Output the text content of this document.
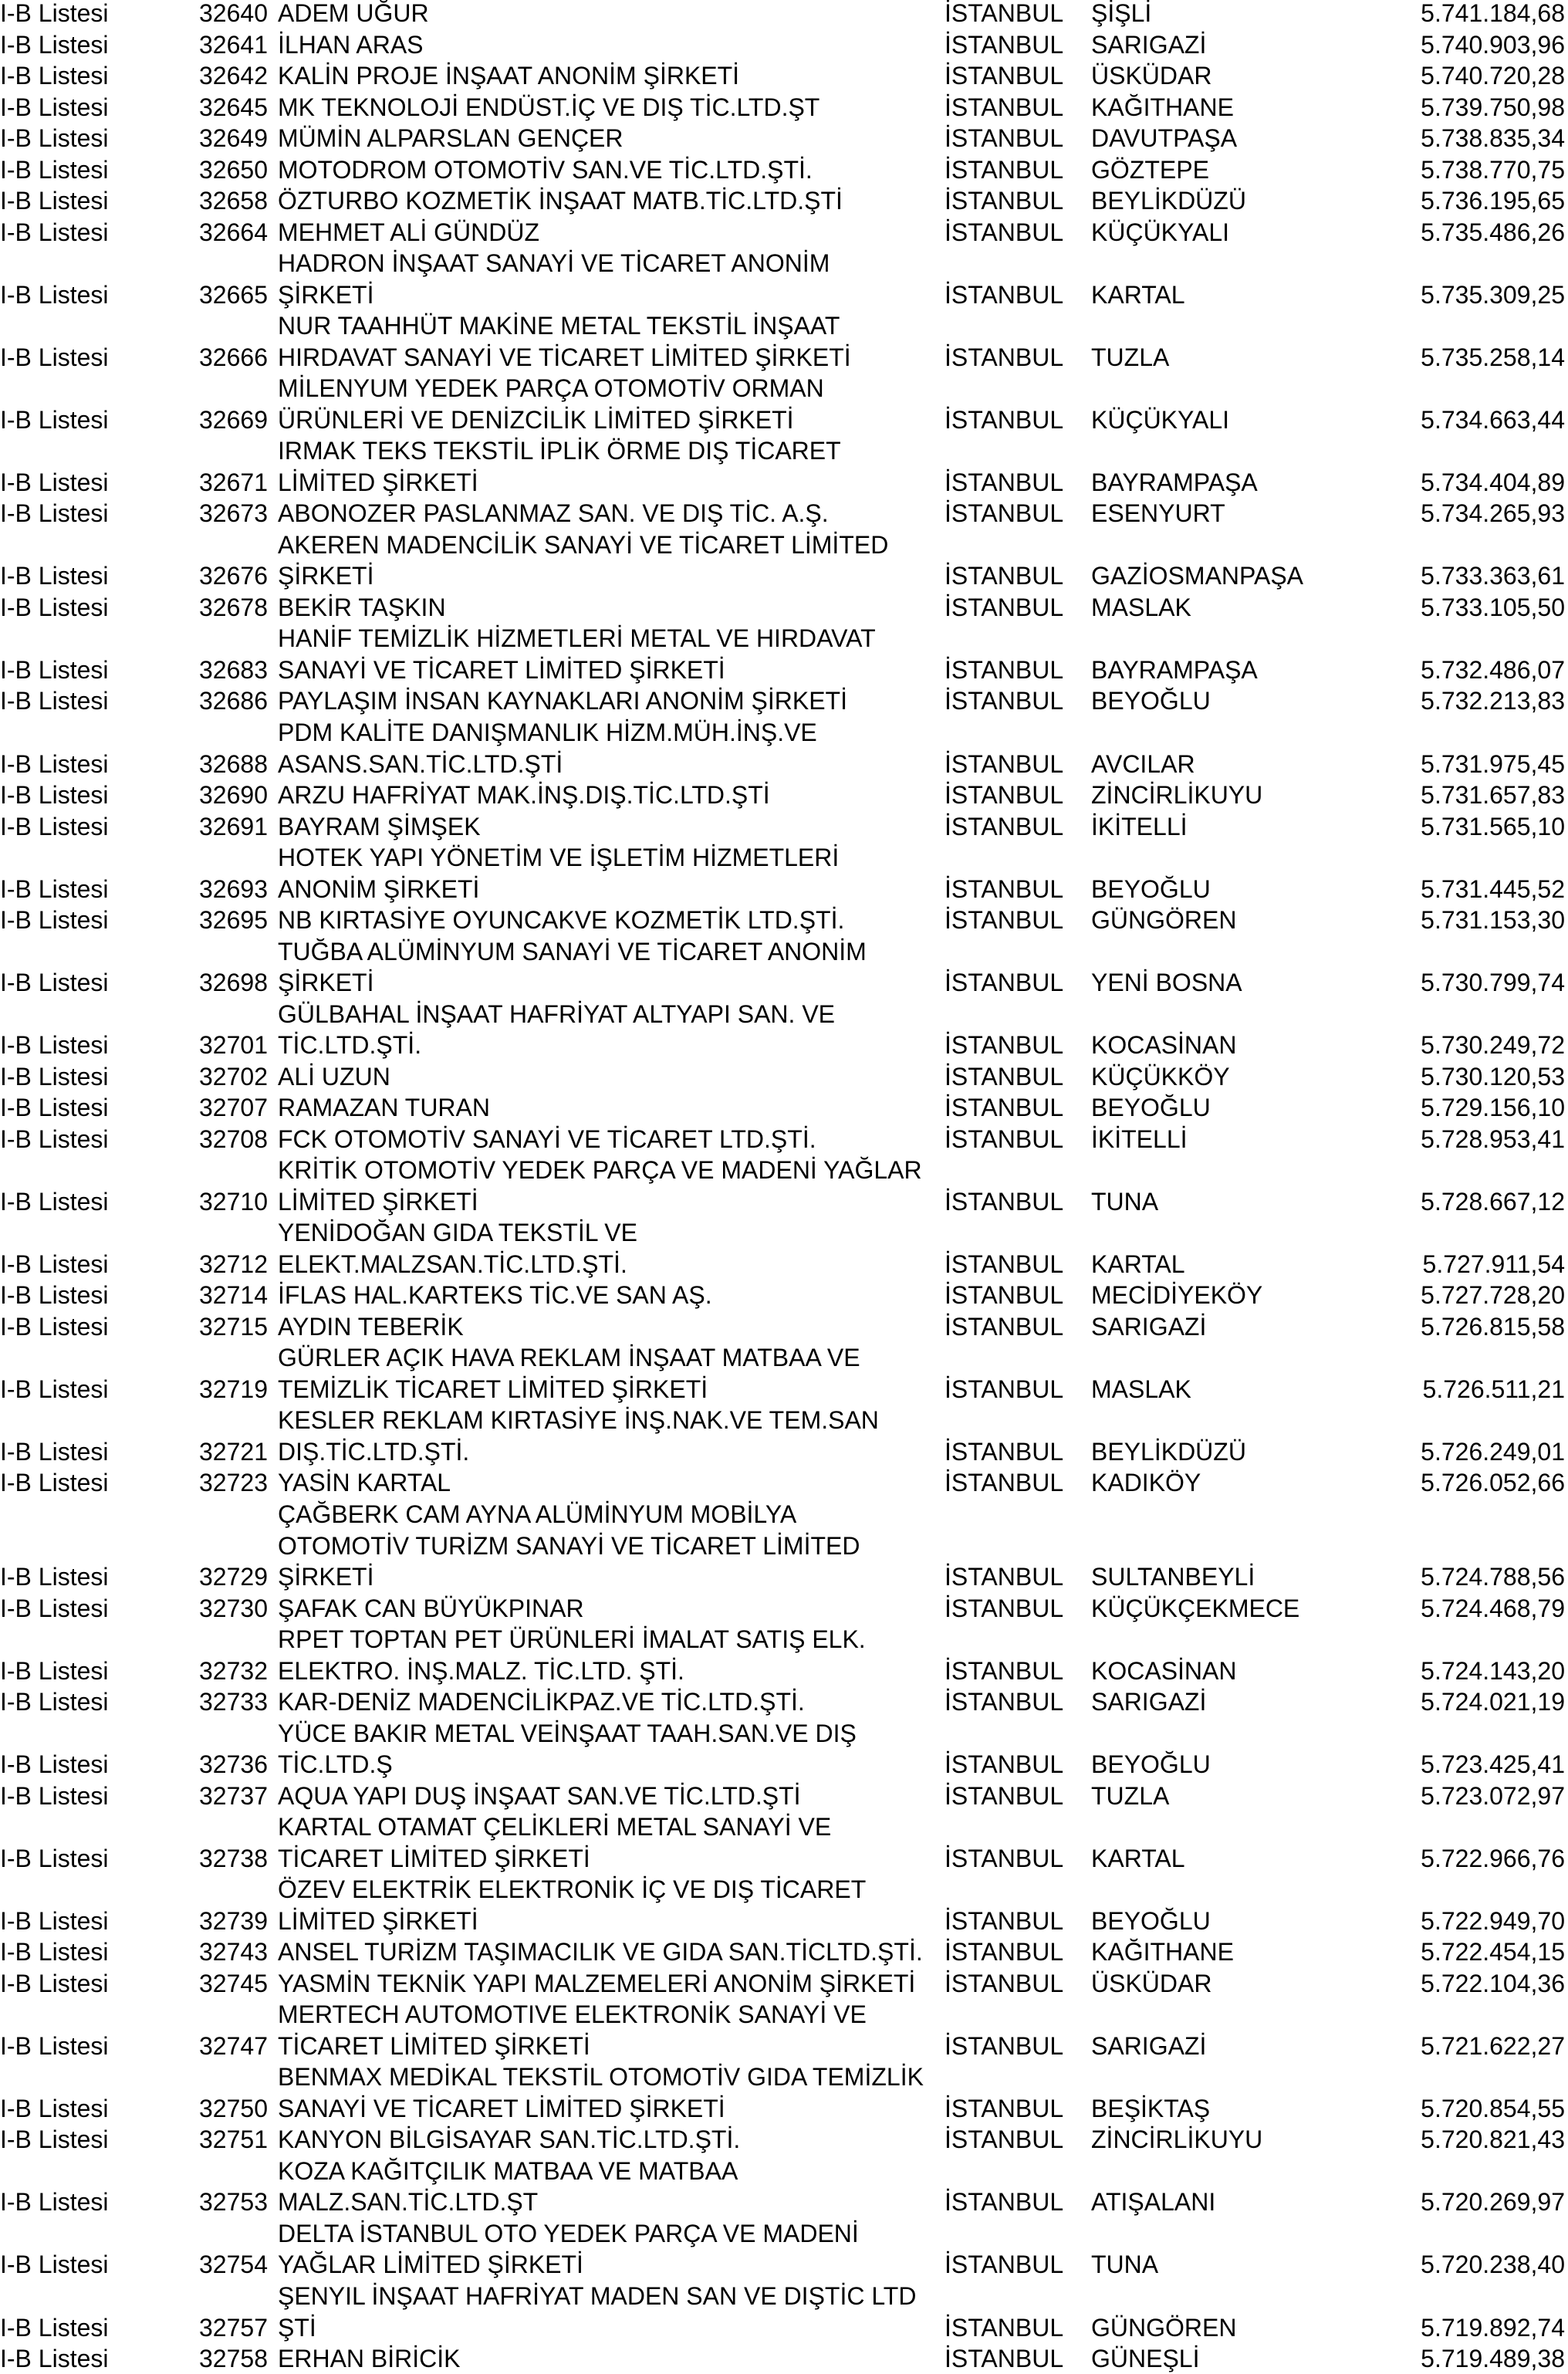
I-B Listesi	32640 ADEM UĞUR	İSTANBUL ŞİŞLİ	5.741.184,68
I-B Listesi	32641 İLHAN ARAS	İSTANBUL SARIGAZİ	5.740.903,96
I-B Listesi	32642 KALİN PROJE İNŞAAT ANONİM ŞİRKETİ	İSTANBUL ÜSKÜDAR	5.740.720,28
I-B Listesi	32645 MK TEKNOLOJİ ENDÜST.İÇ VE DIŞ TİC.LTD.ŞT	İSTANBUL KAĞITHANE	5.739.750,98
I-B Listesi	32649 MÜMİN ALPARSLAN GENÇER	İSTANBUL DAVUTPAŞA	5.738.835,34
I-B Listesi	32650 MOTODROM OTOMOTİV SAN.VE TİC.LTD.ŞTİ.	İSTANBUL GÖZTEPE	5.738.770,75
I-B Listesi	32658 ÖZTURBO KOZMETİK İNŞAAT MATB.TİC.LTD.ŞTİ	İSTANBUL BEYLİKDÜZÜ	5.736.195,65
I-B Listesi	32664 MEHMET ALİ GÜNDÜZ	İSTANBUL KÜÇÜKYALI	5.735.486,26
HADRON İNŞAAT SANAYİ VE TİCARET ANONİM
I-B Listesi	32665 ŞİRKETİ	İSTANBUL KARTAL	5.735.309,25
NUR TAAHHÜT MAKİNE METAL TEKSTİL İNŞAAT
I-B Listesi	32666 HIRDAVAT SANAYİ VE TİCARET LİMİTED ŞİRKETİ	İSTANBUL TUZLA	5.735.258,14
MİLENYUM YEDEK PARÇA OTOMOTİV ORMAN
I-B Listesi	32669 ÜRÜNLERİ VE DENİZCİLİK LİMİTED ŞİRKETİ	İSTANBUL KÜÇÜKYALI	5.734.663,44
IRMAK TEKS TEKSTİL İPLİK ÖRME DIŞ TİCARET
I-B Listesi	32671 LİMİTED ŞİRKETİ	İSTANBUL BAYRAMPAŞA	5.734.404,89
I-B Listesi	32673 ABONOZER PASLANMAZ SAN. VE DIŞ TİC. A.Ş.	İSTANBUL ESENYURT	5.734.265,93
AKEREN MADENCİLİK SANAYİ VE TİCARET LİMİTED
I-B Listesi	32676 ŞİRKETİ	İSTANBUL GAZİOSMANPAŞA	5.733.363,61
I-B Listesi	32678 BEKİR TAŞKIN	İSTANBUL MASLAK	5.733.105,50
HANİF TEMİZLİK HİZMETLERİ METAL VE HIRDAVAT
I-B Listesi	32683 SANAYİ VE TİCARET LİMİTED ŞİRKETİ	İSTANBUL BAYRAMPAŞA	5.732.486,07
I-B Listesi	32686 PAYLAŞIM İNSAN KAYNAKLARI ANONİM ŞİRKETİ	İSTANBUL BEYOĞLU	5.732.213,83
PDM KALİTE DANIŞMANLIK HİZM.MÜH.İNŞ.VE
I-B Listesi	32688 ASANS.SAN.TİC.LTD.ŞTİ	İSTANBUL AVCILAR	5.731.975,45
I-B Listesi	32690 ARZU HAFRİYAT MAK.İNŞ.DIŞ.TİC.LTD.ŞTİ	İSTANBUL ZİNCİRLİKUYU	5.731.657,83
I-B Listesi	32691 BAYRAM ŞİMŞEK	İSTANBUL İKİTELLİ	5.731.565,10
HOTEK YAPI YÖNETİM VE İŞLETİM HİZMETLERİ
I-B Listesi	32693 ANONİM ŞİRKETİ	İSTANBUL BEYOĞLU	5.731.445,52
I-B Listesi	32695 NB KIRTASİYE OYUNCAKVE KOZMETİK LTD.ŞTİ.	İSTANBUL GÜNGÖREN	5.731.153,30
TUĞBA ALÜMİNYUM SANAYİ VE TİCARET ANONİM
I-B Listesi	32698 ŞİRKETİ	İSTANBUL YENİ BOSNA	5.730.799,74
GÜLBAHAL İNŞAAT HAFRİYAT ALTYAPI SAN. VE
I-B Listesi	32701 TİC.LTD.ŞTİ.	İSTANBUL KOCASİNAN	5.730.249,72
I-B Listesi	32702 ALİ UZUN	İSTANBUL KÜÇÜKKÖY	5.730.120,53
I-B Listesi	32707 RAMAZAN TURAN	İSTANBUL BEYOĞLU	5.729.156,10
I-B Listesi	32708 FCK OTOMOTİV SANAYİ VE TİCARET LTD.ŞTİ.	İSTANBUL İKİTELLİ	5.728.953,41
KRİTİK OTOMOTİV YEDEK PARÇA VE MADENİ YAĞLAR
I-B Listesi	32710 LİMİTED ŞİRKETİ	İSTANBUL TUNA	5.728.667,12
YENİDOĞAN GIDA TEKSTİL VE
I-B Listesi	32712 ELEKT.MALZSAN.TİC.LTD.ŞTİ.	İSTANBUL KARTAL	5.727.911,54
I-B Listesi	32714 İFLAS HAL.KARTEKS TİC.VE SAN AŞ.	İSTANBUL MECİDİYEKÖY	5.727.728,20
I-B Listesi	32715 AYDIN TEBERİK	İSTANBUL SARIGAZİ	5.726.815,58
GÜRLER AÇIK HAVA REKLAM İNŞAAT MATBAA VE
I-B Listesi	32719 TEMİZLİK TİCARET LİMİTED ŞİRKETİ	İSTANBUL MASLAK	5.726.511,21
KESLER REKLAM KIRTASİYE İNŞ.NAK.VE TEM.SAN
I-B Listesi	32721 DIŞ.TİC.LTD.ŞTİ.	İSTANBUL BEYLİKDÜZÜ	5.726.249,01
I-B Listesi	32723 YASİN KARTAL	İSTANBUL KADIKÖY	5.726.052,66
ÇAĞBERK CAM AYNA ALÜMİNYUM MOBİLYA
OTOMOTİV TURİZM SANAYİ VE TİCARET LİMİTED
I-B Listesi	32729 ŞİRKETİ	İSTANBUL SULTANBEYLİ	5.724.788,56
I-B Listesi	32730 ŞAFAK CAN BÜYÜKPINAR	İSTANBUL KÜÇÜKÇEKMECE	5.724.468,79
RPET TOPTAN PET ÜRÜNLERİ İMALAT SATIŞ ELK.
I-B Listesi	32732 ELEKTRO. İNŞ.MALZ. TİC.LTD. ŞTİ.	İSTANBUL KOCASİNAN	5.724.143,20
I-B Listesi	32733 KAR-DENİZ MADENCİLİKPAZ.VE TİC.LTD.ŞTİ.	İSTANBUL SARIGAZİ	5.724.021,19
YÜCE BAKIR METAL VEİNŞAAT TAAH.SAN.VE DIŞ
I-B Listesi	32736 TİC.LTD.Ş	İSTANBUL BEYOĞLU	5.723.425,41
I-B Listesi	32737 AQUA YAPI DUŞ İNŞAAT SAN.VE TİC.LTD.ŞTİ	İSTANBUL TUZLA	5.723.072,97
KARTAL OTAMAT ÇELİKLERİ METAL SANAYİ VE
I-B Listesi	32738 TİCARET LİMİTED ŞİRKETİ	İSTANBUL KARTAL	5.722.966,76
ÖZEV ELEKTRİK ELEKTRONİK İÇ VE DIŞ TİCARET
I-B Listesi	32739 LİMİTED ŞİRKETİ	İSTANBUL BEYOĞLU	5.722.949,70
I-B Listesi	32743 ANSEL TURİZM TAŞIMACILIK VE GIDA SAN.TİCLTD.ŞTİ. İSTANBUL KAĞITHANE	5.722.454,15
I-B Listesi	32745 YASMİN TEKNİK YAPI MALZEMELERİ ANONİM ŞİRKETİ İSTANBUL ÜSKÜDAR	5.722.104,36
MERTECH AUTOMOTIVE ELEKTRONİK SANAYİ VE
I-B Listesi	32747 TİCARET LİMİTED ŞİRKETİ	İSTANBUL SARIGAZİ	5.721.622,27
BENMAX MEDİKAL TEKSTİL OTOMOTİV GIDA TEMİZLİK
I-B Listesi	32750 SANAYİ VE TİCARET LİMİTED ŞİRKETİ	İSTANBUL BEŞİKTAŞ	5.720.854,55
I-B Listesi	32751 KANYON BİLGİSAYAR SAN.TİC.LTD.ŞTİ.	İSTANBUL ZİNCİRLİKUYU	5.720.821,43
KOZA KAĞITÇILIK MATBAA VE MATBAA
I-B Listesi	32753 MALZ.SAN.TİC.LTD.ŞT	İSTANBUL ATIŞALANI	5.720.269,97
DELTA İSTANBUL OTO YEDEK PARÇA VE MADENİ
I-B Listesi	32754 YAĞLAR LİMİTED ŞİRKETİ	İSTANBUL TUNA	5.720.238,40
ŞENYIL İNŞAAT HAFRİYAT MADEN SAN VE DIŞTİC LTD
I-B Listesi	32757 ŞTİ	İSTANBUL GÜNGÖREN	5.719.892,74
I-B Listesi	32758 ERHAN BİRİCİK	İSTANBUL GÜNEŞLİ	5.719.489,38
